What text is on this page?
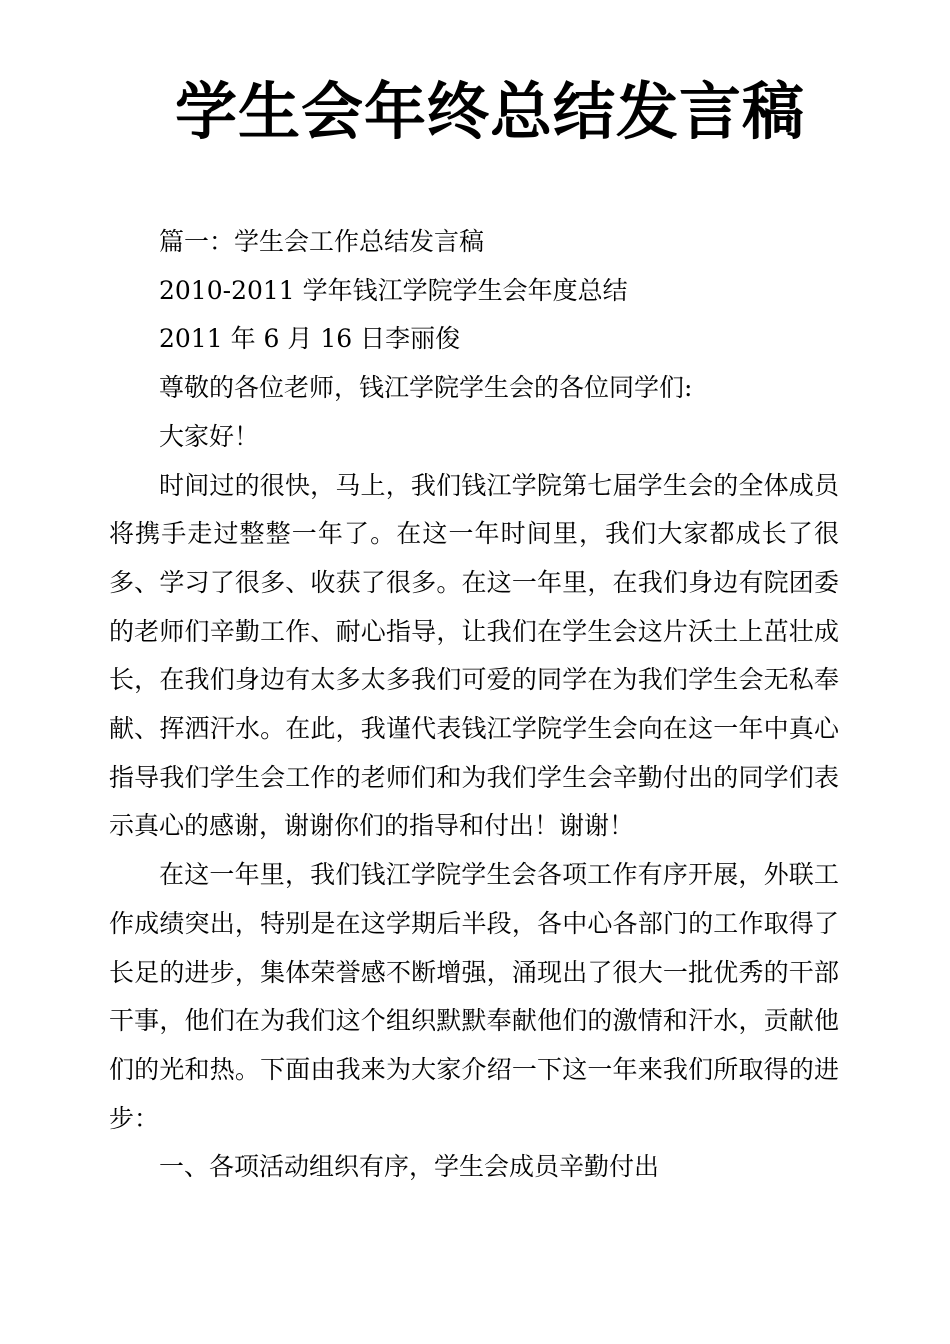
学生会年终总结发言稿

篇一：学生会工作总结发言稿

2010-2011 学年钱江学院学生会年度总结

2011 年 6 月 16 日李丽俊

尊敬的各位老师，钱江学院学生会的各位同学们:

大家好！

时间过的很快，马上，我们钱江学院第七届学生会的全体成员将携手走过整整一年了。在这一年时间里，我们大家都成长了很多、学习了很多、收获了很多。在这一年里，在我们身边有院团委的老师们辛勤工作、耐心指导，让我们在学生会这片沃土上茁壮成长，在我们身边有太多太多我们可爱的同学在为我们学生会无私奉献、挥洒汗水。在此，我谨代表钱江学院学生会向在这一年中真心指导我们学生会工作的老师们和为我们学生会辛勤付出的同学们表示真心的感谢，谢谢你们的指导和付出！谢谢！

在这一年里，我们钱江学院学生会各项工作有序开展，外联工作成绩突出，特别是在这学期后半段，各中心各部门的工作取得了长足的进步，集体荣誉感不断增强，涌现出了很大一批优秀的干部干事，他们在为我们这个组织默默奉献他们的激情和汗水，贡献他们的光和热。下面由我来为大家介绍一下这一年来我们所取得的进步：

一、各项活动组织有序，学生会成员辛勤付出
